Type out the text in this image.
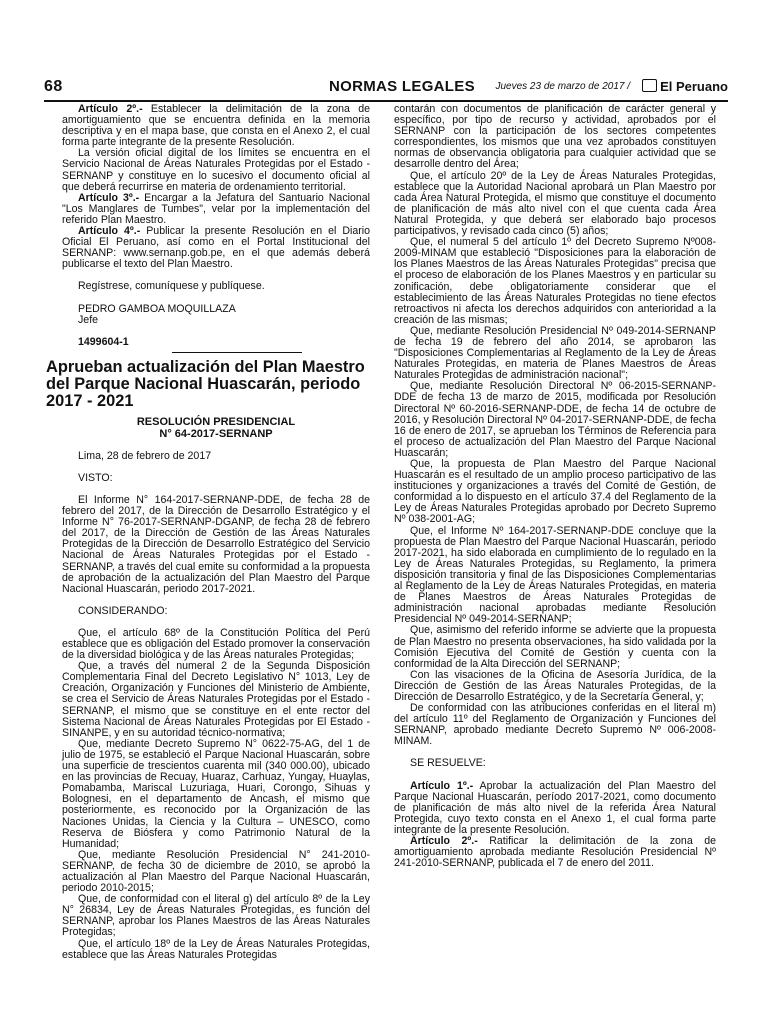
68	NORMAS LEGALES Jueves 23 de marzo de 2017 /	El Peruano

Artículo 2º.- Establecer la delimitación de la zona de amortiguamiento que se encuentra definida en la memoria descriptiva y en el mapa base, que consta en el Anexo 2, el cual forma parte integrante de la presente Resolución.

La versión oficial digital de los límites se encuentra en el Servicio Nacional de Áreas Naturales Protegidas por el Estado - SERNANP y constituye en lo sucesivo el documento oficial al que deberá recurrirse en materia de ordenamiento territorial.

Artículo 3º.- Encargar a la Jefatura del Santuario Nacional "Los Manglares de Tumbes", velar por la implementación del referido Plan Maestro.

Artículo 4º.- Publicar la presente Resolución en el Diario Oficial El Peruano, así como en el Portal Institucional del SERNANP: www.sernanp.gob.pe, en el que además deberá publicarse el texto del Plan Maestro.

Regístrese, comuníquese y publíquese.

PEDRO GAMBOA MOQUILLAZA

Jefe

1499604-1

Aprueban actualización del Plan Maestro del Parque Nacional Huascarán, periodo 2017 - 2021
RESOLUCIÓN PRESIDENCIAL
N° 64-2017-SERNANP

Lima, 28 de febrero de 2017

VISTO:

El Informe N° 164-2017-SERNANP-DDE, de fecha 28 de febrero del 2017, de la Dirección de Desarrollo Estratégico y el Informe N° 76-2017-SERNANP-DGANP, de fecha 28 de febrero del 2017, de la Dirección de Gestión de las Áreas Naturales Protegidas de la Dirección de Desarrollo Estratégico del Servicio Nacional de Áreas Naturales Protegidas por el Estado - SERNANP, a través del cual emite su conformidad a la propuesta de aprobación de la actualización del Plan Maestro del Parque Nacional Huascarán, periodo 2017-2021.

CONSIDERANDO:

Que, el artículo 68º de la Constitución Política del Perú establece que es obligación del Estado promover la conservación de la diversidad biológica y de las Áreas naturales Protegidas;

Que, a través del numeral 2 de la Segunda Disposición Complementaria Final del Decreto Legislativo N° 1013, Ley de Creación, Organización y Funciones del Ministerio de Ambiente, se crea el Servicio de Áreas Naturales Protegidas por el Estado - SERNANP, el mismo que se constituye en el ente rector del Sistema Nacional de Áreas Naturales Protegidas por El Estado - SINANPE, y en su autoridad técnico-normativa;

Que, mediante Decreto Supremo N° 0622-75-AG, del 1 de julio de 1975, se estableció el Parque Nacional Huascarán, sobre una superficie de trescientos cuarenta mil (340 000.00), ubicado en las provincias de Recuay, Huaraz, Carhuaz, Yungay, Huaylas, Pomabamba, Mariscal Luzuriaga, Huari, Corongo, Sihuas y Bolognesi, en el departamento de Ancash, el mismo que posteriormente, es reconocido por la Organización de las Naciones Unidas, la Ciencia y la Cultura – UNESCO, como Reserva de Biósfera y como Patrimonio Natural de la Humanidad;

Que, mediante Resolución Presidencial N° 241-2010-SERNANP, de fecha 30 de diciembre de 2010, se aprobó la actualización al Plan Maestro del Parque Nacional Huascarán, periodo 2010-2015;

Que, de conformidad con el literal g) del artículo 8º de la Ley N° 26834, Ley de Áreas Naturales Protegidas, es función del SERNANP, aprobar los Planes Maestros de las Áreas Naturales Protegidas;

Que, el artículo 18º de la Ley de Áreas Naturales Protegidas, establece que las Áreas Naturales Protegidas

contarán con documentos de planificación de carácter general y específico, por tipo de recurso y actividad, aprobados por el SERNANP con la participación de los sectores competentes correspondientes, los mismos que una vez aprobados constituyen normas de observancia obligatoria para cualquier actividad que se desarrolle dentro del Área;

Que, el artículo 20º de la Ley de Áreas Naturales Protegidas, establece que la Autoridad Nacional aprobará un Plan Maestro por cada Área Natural Protegida, el mismo que constituye el documento de planificación de más alto nivel con el que cuenta cada Área Natural Protegida, y que deberá ser elaborado bajo procesos participativos, y revisado cada cinco (5) años;

Que, el numeral 5 del artículo 1º del Decreto Supremo Nº008-2009-MINAM que estableció "Disposiciones para la elaboración de los Planes Maestros de las Áreas Naturales Protegidas" precisa que el proceso de elaboración de los Planes Maestros y en particular su zonificación, debe obligatoriamente considerar que el establecimiento de las Áreas Naturales Protegidas no tiene efectos retroactivos ni afecta los derechos adquiridos con anterioridad a la creación de las mismas;

Que, mediante Resolución Presidencial Nº 049-2014-SERNANP de fecha 19 de febrero del año 2014, se aprobaron las "Disposiciones Complementarias al Reglamento de la Ley de Áreas Naturales Protegidas, en materia de Planes Maestros de Áreas Naturales Protegidas de administración nacional";

Que, mediante Resolución Directoral Nº 06-2015-SERNANP-DDE de fecha 13 de marzo de 2015, modificada por Resolución Directoral Nº 60-2016-SERNANP-DDE, de fecha 14 de octubre de 2016, y Resolución Directoral Nº 04-2017-SERNANP-DDE, de fecha 16 de enero de 2017, se aprueban los Términos de Referencia para el proceso de actualización del Plan Maestro del Parque Nacional Huascarán;

Que, la propuesta de Plan Maestro del Parque Nacional Huascarán es el resultado de un amplio proceso participativo de las instituciones y organizaciones a través del Comité de Gestión, de conformidad a lo dispuesto en el artículo 37.4 del Reglamento de la Ley de Áreas Naturales Protegidas aprobado por Decreto Supremo Nº 038-2001-AG;

Que, el Informe Nº 164-2017-SERNANP-DDE concluye que la propuesta de Plan Maestro del Parque Nacional Huascarán, periodo 2017-2021, ha sido elaborada en cumplimiento de lo regulado en la Ley de Áreas Naturales Protegidas, su Reglamento, la primera disposición transitoria y final de las Disposiciones Complementarias al Reglamento de la Ley de Áreas Naturales Protegidas, en materia de Planes Maestros de Áreas Naturales Protegidas de administración nacional aprobadas mediante Resolución Presidencial Nº 049-2014-SERNANP;

Que, asimismo del referido informe se advierte que la propuesta de Plan Maestro no presenta observaciones, ha sido validada por la Comisión Ejecutiva del Comité de Gestión y cuenta con la conformidad de la Alta Dirección del SERNANP;

Con las visaciones de la Oficina de Asesoría Jurídica, de la Dirección de Gestión de las Áreas Naturales Protegidas, de la Dirección de Desarrollo Estratégico, y de la Secretaría General, y;

De conformidad con las atribuciones conferidas en el literal m) del artículo 11º del Reglamento de Organización y Funciones del SERNANP, aprobado mediante Decreto Supremo Nº 006-2008-MINAM.

SE RESUELVE:

Artículo 1º.- Aprobar la actualización del Plan Maestro del Parque Nacional Huascarán, período 2017-2021, como documento de planificación de más alto nivel de la referida Área Natural Protegida, cuyo texto consta en el Anexo 1, el cual forma parte integrante de la presente Resolución.

Artículo 2º.- Ratificar la delimitación de la zona de amortiguamiento aprobada mediante Resolución Presidencial Nº 241-2010-SERNANP, publicada el 7 de enero del 2011.
